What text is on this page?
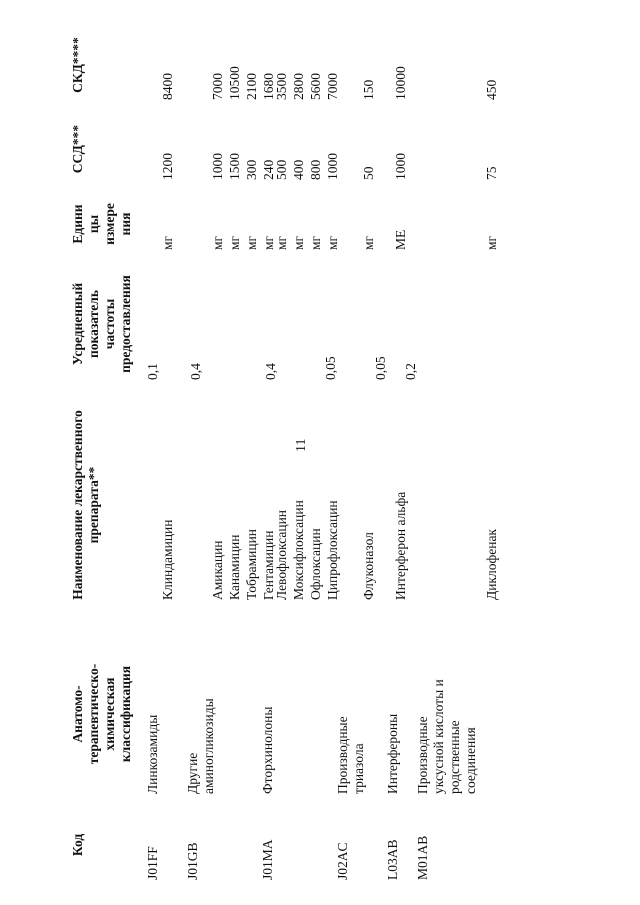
11
Код
Анатомо-
терапевтическо-
химическая
классификация
Наименование лекарственного
препарата**
Усредненный
показатель
частоты
предоставления
Едини
цы
измере
ния
ССД***
СКД****
J01FF
Линкозамиды
0,1
Клиндамицин
мг
1200
8400
J01GB
Другие
аминогликозиды
0,4
Амикацин
мг
1000
7000
Канамицин
мг
1500
10500
Тобрамицин
мг
300
2100
Гентамицин
мг
240
1680
J01MA
Фторхинолоны
0,4
Левофлоксацин
мг
500
3500
Моксифлоксацин
мг
400
2800
Офлоксацин
мг
800
5600
Ципрофлоксацин
мг
1000
7000
J02AC
Производные
триазола
0,05
Флуконазол
мг
50
150
L03AB
Интерфероны
0,05
Интерферон альфа
МЕ
1000
10000
M01AB
Производные
уксусной кислоты и
родственные
соединения
0,2
Диклофенак
мг
75
450
